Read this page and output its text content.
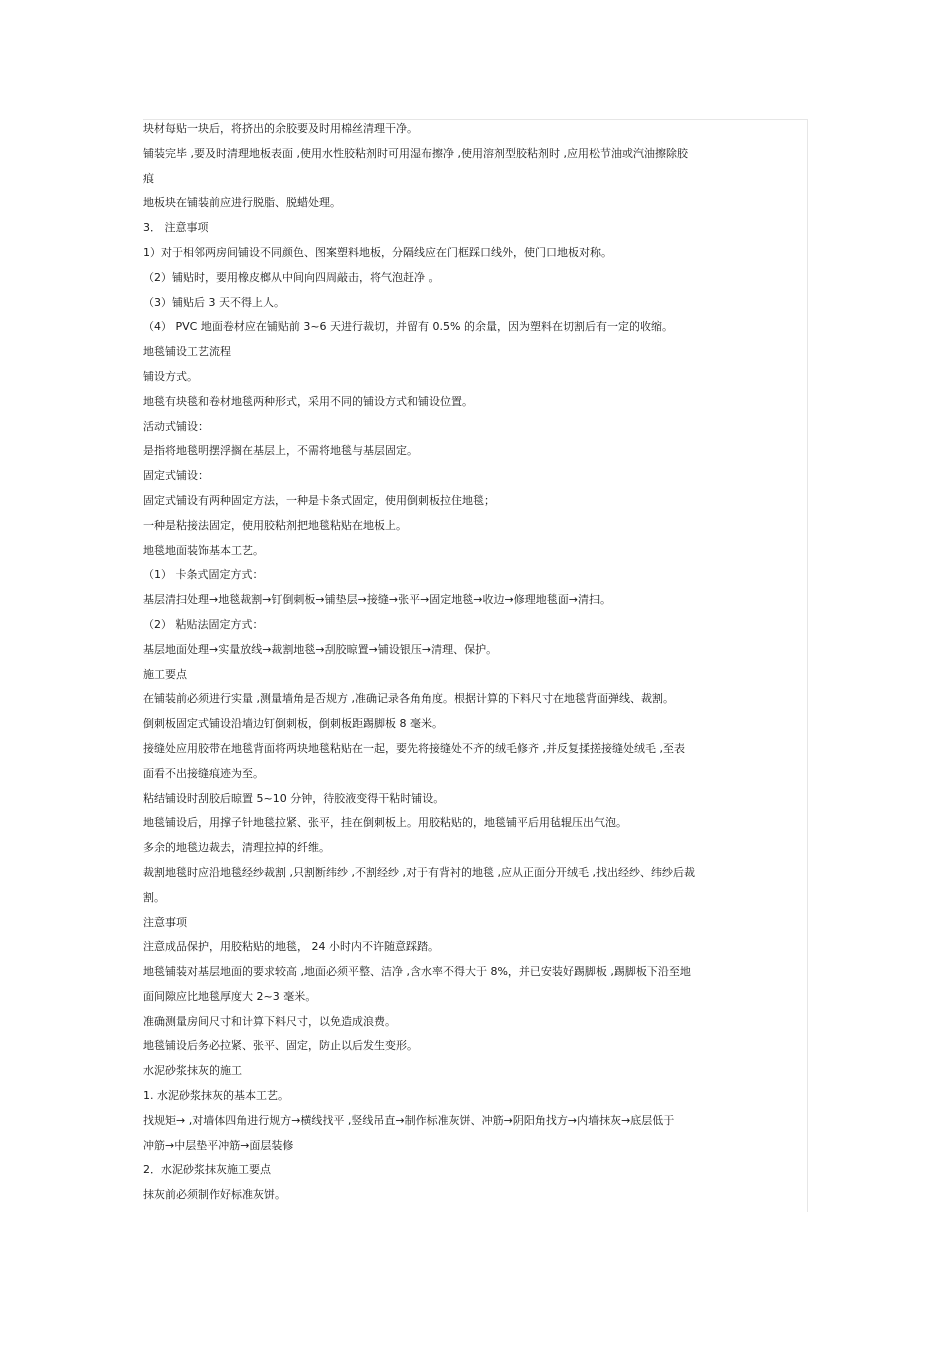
块材每贴一块后，将挤出的余胶要及时用棉丝清理干净。
铺装完毕 ,要及时清理地板表面 ,使用水性胶粘剂时可用湿布擦净 ,使用溶剂型胶粘剂时 ,应用松节油或汽油擦除胶
痕
地板块在铺装前应进行脱脂、脱蜡处理。
3． 注意事项
1）对于相邻两房间铺设不同颜色、图案塑料地板，分隔线应在门框踩口线外，使门口地板对称。
（2）铺贴时，要用橡皮榔从中间向四周敲击，将气泡赶净 。
（3）铺贴后 3 天不得上人。
（4） PVC 地面卷材应在铺贴前 3~6 天进行裁切，并留有 0.5% 的余量，因为塑料在切割后有一定的收缩。
地毯铺设工艺流程
铺设方式。
地毯有块毯和卷材地毯两种形式，采用不同的铺设方式和铺设位置。
活动式铺设：
是指将地毯明摆浮搁在基层上，不需将地毯与基层固定。
固定式铺设：
固定式铺设有两种固定方法，一种是卡条式固定，使用倒刺板拉住地毯；
一种是粘接法固定，使用胶粘剂把地毯粘贴在地板上。
地毯地面装饰基本工艺。
（1） 卡条式固定方式：
基层清扫处理→地毯裁割→钉倒刺板→铺垫层→接缝→张平→固定地毯→收边→修理地毯面→清扫。
（2） 粘贴法固定方式：
基层地面处理→实量放线→裁割地毯→刮胶晾置→铺设银压→清理、保护。
施工要点
在铺装前必须进行实量 ,测量墙角是否规方 ,准确记录各角角度。根据计算的下料尺寸在地毯背面弹线、裁割。
倒刺板固定式铺设沿墙边钉倒刺板，倒刺板距踢脚板 8 毫米。
接缝处应用胶带在地毯背面将两块地毯粘贴在一起，要先将接缝处不齐的绒毛修齐 ,并反复揉搓接缝处绒毛 ,至表
面看不出接缝痕迹为至。
粘结铺设时刮胶后晾置 5~10 分钟，待胶液变得干粘时铺设。
地毯铺设后，用撑子针地毯拉紧、张平，挂在倒刺板上。用胶粘贴的，地毯铺平后用毡辊压出气泡。
多余的地毯边裁去，清理拉掉的纤维。
裁割地毯时应沿地毯经纱裁割 ,只割断纬纱 ,不割经纱 ,对于有背衬的地毯 ,应从正面分开绒毛 ,找出经纱、纬纱后裁
割。
注意事项
注意成品保护，用胶粘贴的地毯， 24 小时内不许随意踩踏。
地毯铺装对基层地面的要求较高 ,地面必须平整、洁净 ,含水率不得大于 8%，并已安装好踢脚板 ,踢脚板下沿至地
面间隙应比地毯厚度大 2~3 毫米。
准确测量房间尺寸和计算下料尺寸，以免造成浪费。
地毯铺设后务必拉紧、张平、固定，防止以后发生变形。
水泥砂浆抹灰的施工
1. 水泥砂浆抹灰的基本工艺。
找规矩→ ,对墙体四角进行规方→横线找平 ,竖线吊直→制作标准灰饼、冲筋→阴阳角找方→内墙抹灰→底层低于
冲筋→中层垫平冲筋→面层装修
2．水泥砂浆抹灰施工要点
抹灰前必须制作好标准灰饼。
